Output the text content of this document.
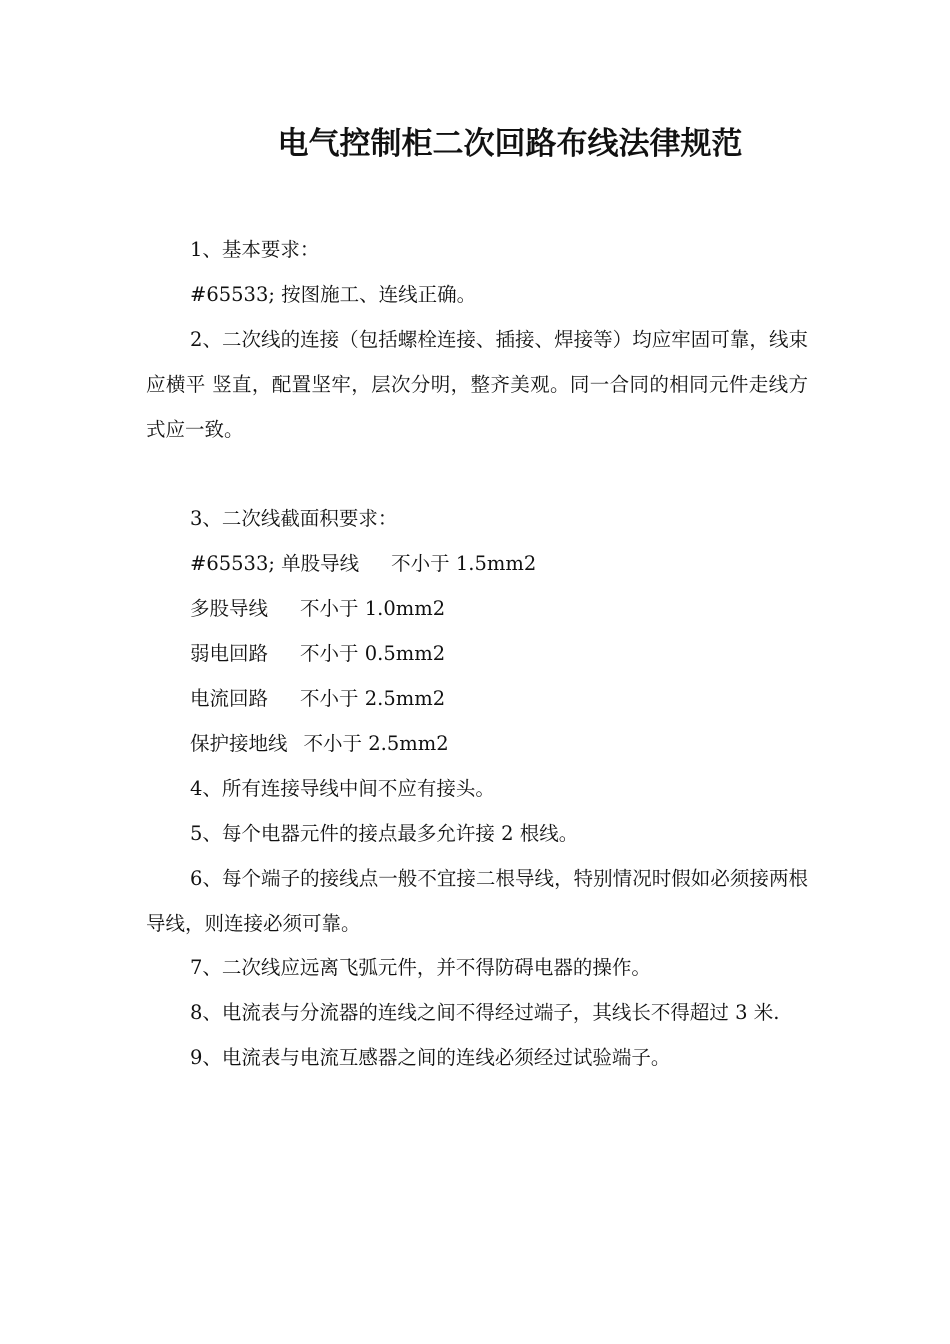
电气控制柜二次回路布线法律规范

1、基本要求：

#65533; 按图施工、连线正确。

2、二次线的连接（包括螺栓连接、插接、焊接等）均应牢固可靠，线束应横平 竖直，配置坚牢，层次分明，整齐美观。同一合同的相同元件走线方式应一致。

3、二次线截面积要求：

#65533; 单股导线 不小于 1.5mm2

多股导线 不小于 1.0mm2

弱电回路 不小于 0.5mm2

电流回路 不小于 2.5mm2

保护接地线 不小于 2.5mm2

4、所有连接导线中间不应有接头。

5、每个电器元件的接点最多允许接 2 根线。

6、每个端子的接线点一般不宜接二根导线，特别情况时假如必须接两根导线，则连接必须可靠。

7、二次线应远离飞弧元件，并不得防碍电器的操作。

8、电流表与分流器的连线之间不得经过端子，其线长不得超过 3 米.

9、电流表与电流互感器之间的连线必须经过试验端子。
